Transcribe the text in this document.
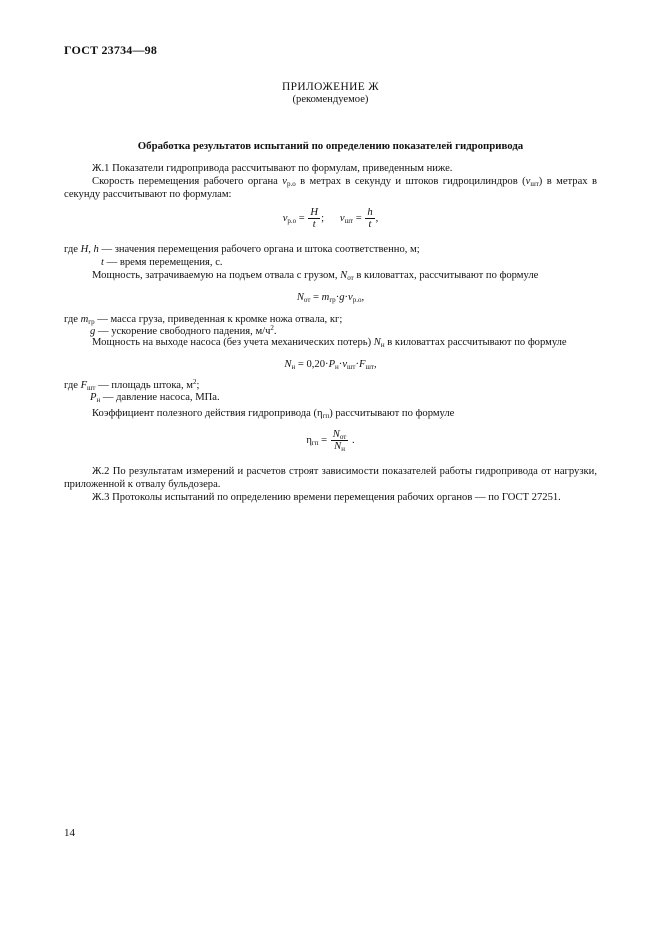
ГОСТ 23734—98
ПРИЛОЖЕНИЕ Ж
(рекомендуемое)
Обработка результатов испытаний по определению показателей гидропривода
Ж.1 Показатели гидропривода рассчитывают по формулам, приведенным ниже.
Скорость перемещения рабочего органа $v_{р.о}$ в метрах в секунду и штоков гидроцилиндров $(v_{шт})$ в метрах в секунду рассчитывают по формулам:
$v_{р.о} = \frac{H}{t}$ ; $v_{шт} = \frac{h}{t}$ ,
где H, h — значения перемещения рабочего органа и штока соответственно, м;
t — время перемещения, с.
Мощность, затрачиваемую на подъем отвала с грузом, $N_{от}$ в киловаттах, рассчитывают по формуле
$N_{от} = m_{гр}\cdot g\cdot v_{р.о}$,
где $m_{гр}$ — масса груза, приведенная к кромке ножа отвала, кг;
g — ускорение свободного падения, $м/ч^2$.
Мощность на выходе насоса (без учета механических потерь) $N_н$ в киловаттах рассчитывают по формуле
$N_н = 0,20\cdot P_н\cdot v_{шт}\cdot F_{шт}$,
где $F_{шт}$ — площадь штока, $м^2$;
$P_н$ — давление насоса, МПа.
Коэффициент полезного действия гидропривода $(\eta_{гп})$ рассчитывают по формуле
$\eta_{гп} = \frac{N_{от}}{N_н}$ .
Ж.2 По результатам измерений и расчетов строят зависимости показателей работы гидропривода от нагрузки, приложенной к отвалу бульдозера.
Ж.3 Протоколы испытаний по определению времени перемещения рабочих органов — по ГОСТ 27251.
14
